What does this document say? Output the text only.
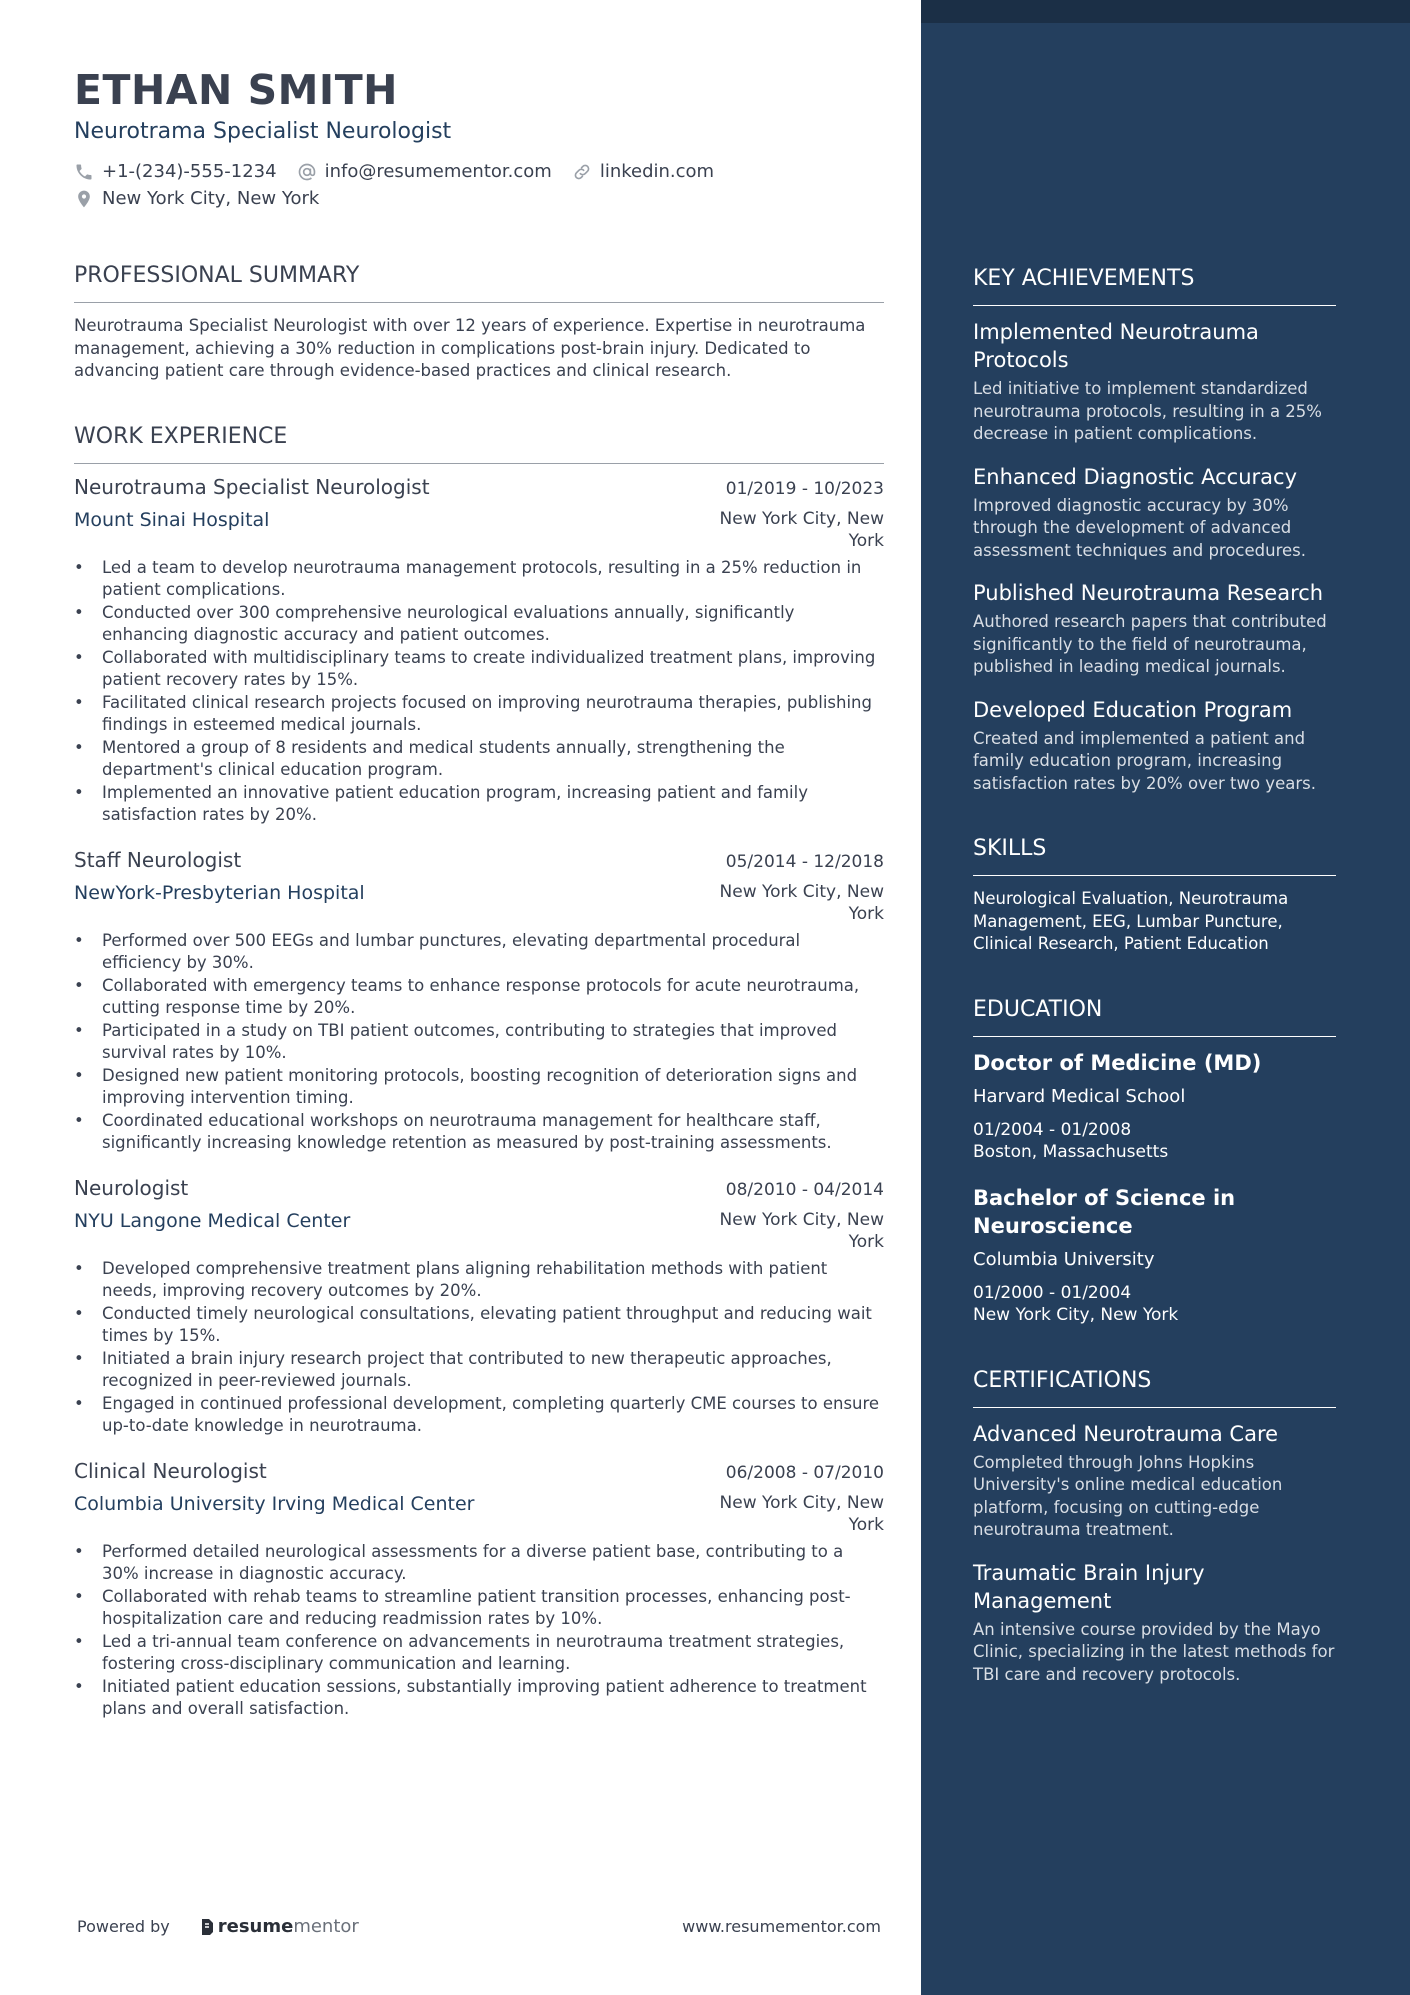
ETHAN SMITH
Neurotrama Specialist Neurologist
+1-(234)-555-1234	info@resumementor.com	linkedin.com
New York City, New York
PROFESSIONAL SUMMARY
Neurotrauma Specialist Neurologist with over 12 years of experience. Expertise in neurotrauma management, achieving a 30% reduction in complications post-brain injury. Dedicated to advancing patient care through evidence-based practices and clinical research.
WORK EXPERIENCE
Neurotrauma Specialist Neurologist	01/2019 - 10/2023
Mount Sinai Hospital	New York City, New York
• Led a team to develop neurotrauma management protocols, resulting in a 25% reduction in patient complications.
• Conducted over 300 comprehensive neurological evaluations annually, significantly enhancing diagnostic accuracy and patient outcomes.
• Collaborated with multidisciplinary teams to create individualized treatment plans, improving patient recovery rates by 15%.
• Facilitated clinical research projects focused on improving neurotrauma therapies, publishing findings in esteemed medical journals.
• Mentored a group of 8 residents and medical students annually, strengthening the department's clinical education program.
• Implemented an innovative patient education program, increasing patient and family satisfaction rates by 20%.
Staff Neurologist	05/2014 - 12/2018
NewYork-Presbyterian Hospital	New York City, New York
• Performed over 500 EEGs and lumbar punctures, elevating departmental procedural efficiency by 30%.
• Collaborated with emergency teams to enhance response protocols for acute neurotrauma, cutting response time by 20%.
• Participated in a study on TBI patient outcomes, contributing to strategies that improved survival rates by 10%.
• Designed new patient monitoring protocols, boosting recognition of deterioration signs and improving intervention timing.
• Coordinated educational workshops on neurotrauma management for healthcare staff, significantly increasing knowledge retention as measured by post-training assessments.
Neurologist	08/2010 - 04/2014
NYU Langone Medical Center	New York City, New York
• Developed comprehensive treatment plans aligning rehabilitation methods with patient needs, improving recovery outcomes by 20%.
• Conducted timely neurological consultations, elevating patient throughput and reducing wait times by 15%.
• Initiated a brain injury research project that contributed to new therapeutic approaches, recognized in peer-reviewed journals.
• Engaged in continued professional development, completing quarterly CME courses to ensure up-to-date knowledge in neurotrauma.
Clinical Neurologist	06/2008 - 07/2010
Columbia University Irving Medical Center	New York City, New York
• Performed detailed neurological assessments for a diverse patient base, contributing to a 30% increase in diagnostic accuracy.
• Collaborated with rehab teams to streamline patient transition processes, enhancing post-hospitalization care and reducing readmission rates by 10%.
• Led a tri-annual team conference on advancements in neurotrauma treatment strategies, fostering cross-disciplinary communication and learning.
• Initiated patient education sessions, substantially improving patient adherence to treatment plans and overall satisfaction.
Powered by	resume mentor	www.resumementor.com
KEY ACHIEVEMENTS
Implemented Neurotrauma Protocols
Led initiative to implement standardized neurotrauma protocols, resulting in a 25% decrease in patient complications.
Enhanced Diagnostic Accuracy
Improved diagnostic accuracy by 30% through the development of advanced assessment techniques and procedures.
Published Neurotrauma Research
Authored research papers that contributed significantly to the field of neurotrauma, published in leading medical journals.
Developed Education Program
Created and implemented a patient and family education program, increasing satisfaction rates by 20% over two years.
SKILLS
Neurological Evaluation, Neurotrauma Management, EEG, Lumbar Puncture, Clinical Research, Patient Education
EDUCATION
Doctor of Medicine (MD)
Harvard Medical School
01/2004 - 01/2008
Boston, Massachusetts
Bachelor of Science in Neuroscience
Columbia University
01/2000 - 01/2004
New York City, New York
CERTIFICATIONS
Advanced Neurotrauma Care
Completed through Johns Hopkins University's online medical education platform, focusing on cutting-edge neurotrauma treatment.
Traumatic Brain Injury Management
An intensive course provided by the Mayo Clinic, specializing in the latest methods for TBI care and recovery protocols.
